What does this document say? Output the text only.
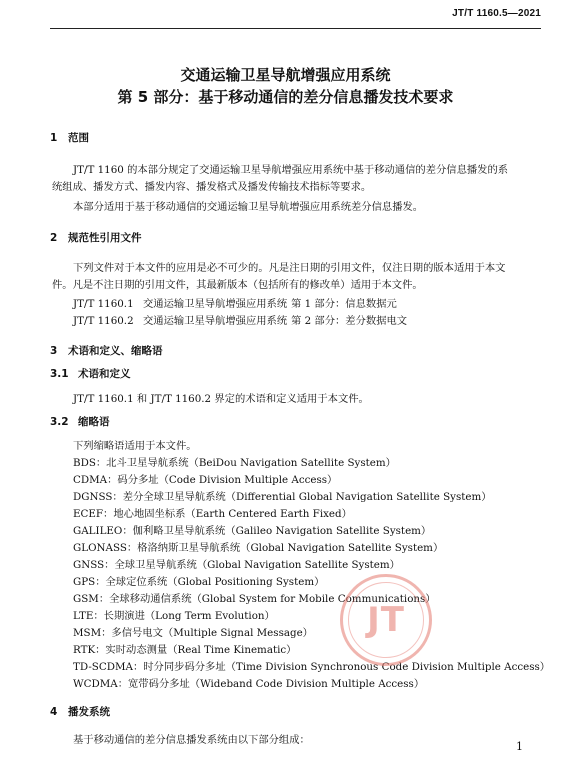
JT/T 1160.5—2021
交通运输卫星导航增强应用系统
第 5 部分：基于移动通信的差分信息播发技术要求
1 范围
JT/T 1160 的本部分规定了交通运输卫星导航增强应用系统中基于移动通信的差分信息播发的系
统组成、播发方式、播发内容、播发格式及播发传输技术指标等要求。
本部分适用于基于移动通信的交通运输卫星导航增强应用系统差分信息播发。
2 规范性引用文件
下列文件对于本文件的应用是必不可少的。凡是注日期的引用文件，仅注日期的版本适用于本文
件。凡是不注日期的引用文件，其最新版本（包括所有的修改单）适用于本文件。
JT/T 1160.1 交通运输卫星导航增强应用系统 第 1 部分：信息数据元
JT/T 1160.2 交通运输卫星导航增强应用系统 第 2 部分：差分数据电文
3 术语和定义、缩略语
3.1 术语和定义
JT/T 1160.1 和 JT/T 1160.2 界定的术语和定义适用于本文件。
3.2 缩略语
下列缩略语适用于本文件。
BDS：北斗卫星导航系统（BeiDou Navigation Satellite System）
CDMA：码分多址（Code Division Multiple Access）
DGNSS：差分全球卫星导航系统（Differential Global Navigation Satellite System）
ECEF：地心地固坐标系（Earth Centered Earth Fixed）
GALILEO：伽利略卫星导航系统（Galileo Navigation Satellite System）
GLONASS：格洛纳斯卫星导航系统（Global Navigation Satellite System）
GNSS：全球卫星导航系统（Global Navigation Satellite System）
GPS：全球定位系统（Global Positioning System）
GSM：全球移动通信系统（Global System for Mobile Communications）
LTE：长期演进（Long Term Evolution）
MSM：多信号电文（Multiple Signal Message）
RTK：实时动态测量（Real Time Kinematic）
TD-SCDMA：时分同步码分多址（Time Division Synchronous Code Division Multiple Access）
WCDMA：宽带码分多址（Wideband Code Division Multiple Access）
4 播发系统
基于移动通信的差分信息播发系统由以下部分组成：
JT
1
